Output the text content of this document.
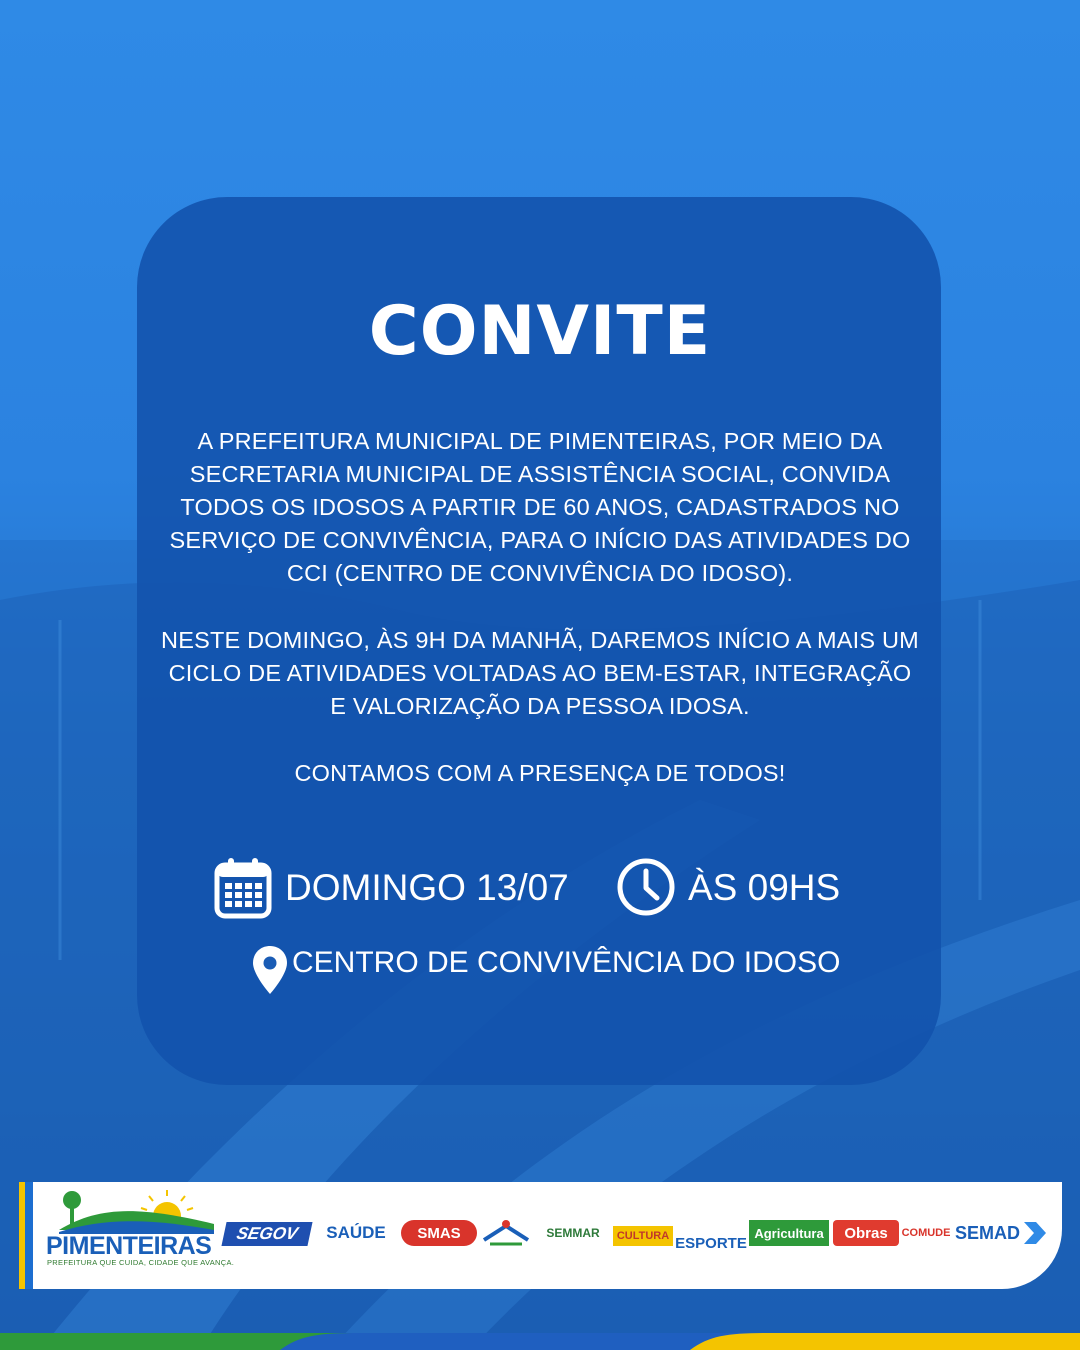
CONVITE
A PREFEITURA MUNICIPAL DE PIMENTEIRAS, POR MEIO DA SECRETARIA MUNICIPAL DE ASSISTÊNCIA SOCIAL, CONVIDA TODOS OS IDOSOS A PARTIR DE 60 ANOS, CADASTRADOS NO SERVIÇO DE CONVIVÊNCIA, PARA O INÍCIO DAS ATIVIDADES DO CCI (CENTRO DE CONVIVÊNCIA DO IDOSO).
NESTE DOMINGO, ÀS 9H DA MANHÃ, DAREMOS INÍCIO A MAIS UM CICLO DE ATIVIDADES VOLTADAS AO BEM-ESTAR, INTEGRAÇÃO E VALORIZAÇÃO DA PESSOA IDOSA.
CONTAMOS COM A PRESENÇA DE TODOS!
DOMINGO 13/07	ÀS 09HS
CENTRO DE CONVIVÊNCIA DO IDOSO
PIMENTEIRAS
PREFEITURA QUE CUIDA, CIDADE QUE AVANÇA.
SEGOV	SAÚDE	SMAS	SEMMAR	CULTURA ESPORTE
Agricultura	Obras	COMUDE SEMAD
